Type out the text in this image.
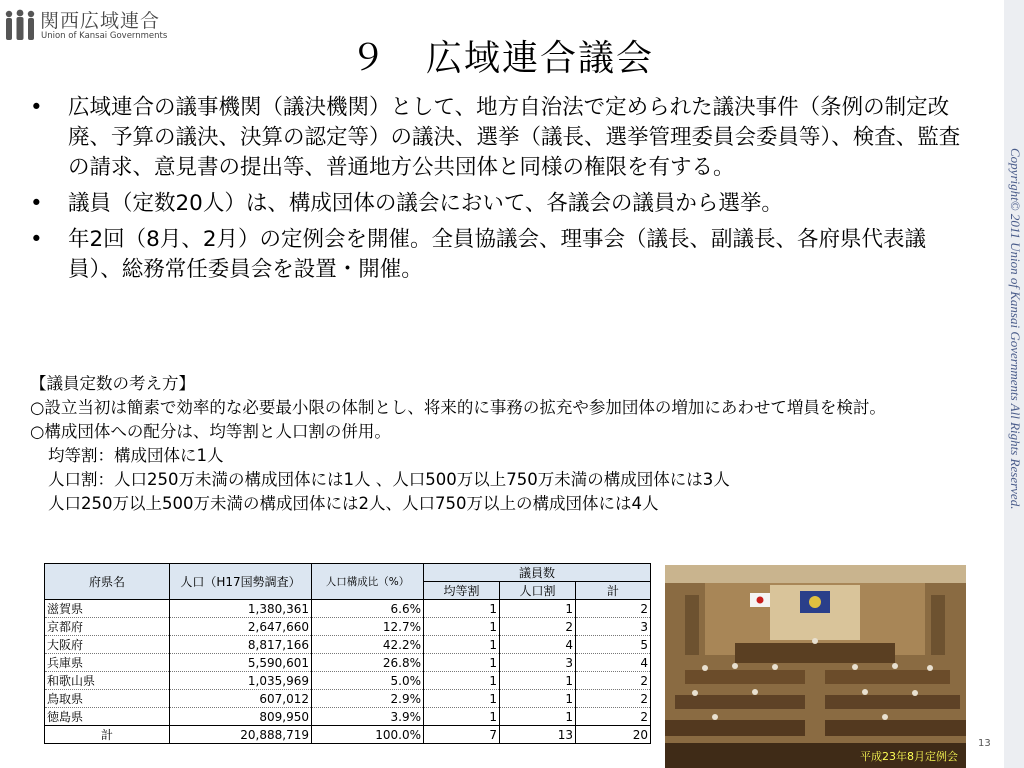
Copyright© 2011 Union of Kansai Governments All Rights Reserved.
関西広域連合
Union of Kansai Governments
９　広域連合議会
• 広域連合の議事機関（議決機関）として、地方自治法で定められた議決事件（条例の制定改廃、予算の議決、決算の認定等）の議決、選挙（議長、選挙管理委員会委員等）、検査、監査の請求、意見書の提出等、普通地方公共団体と同様の権限を有する。
• 議員（定数20人）は、構成団体の議会において、各議会の議員から選挙。
• 年2回（8月、2月）の定例会を開催。全員協議会、理事会（議長、副議長、各府県代表議員）、総務常任委員会を設置・開催。
【議員定数の考え方】
○設立当初は簡素で効率的な必要最小限の体制とし、将来的に事務の拡充や参加団体の増加にあわせて増員を検討。
○構成団体への配分は、均等割と人口割の併用。
均等割：構成団体に1人
人口割：人口250万未満の構成団体には1人 、人口500万以上750万未満の構成団体には3人
人口250万以上500万未満の構成団体には2人、人口750万以上の構成団体には4人
府県名	人口（H17国勢調査）	人口構成比（%）	議員数		
			均等割	人口割	計
滋賀県	1,380,361	6.6%	1	1	2
京都府	2,647,660	12.7%	1	2	3
大阪府	8,817,166	42.2%	1	4	5
兵庫県	5,590,601	26.8%	1	3	4
和歌山県	1,035,969	5.0%	1	1	2
鳥取県	607,012	2.9%	1	1	2
徳島県	809,950	3.9%	1	1	2
計	20,888,719	100.0%	7	13	20
平成23年8月定例会
13
